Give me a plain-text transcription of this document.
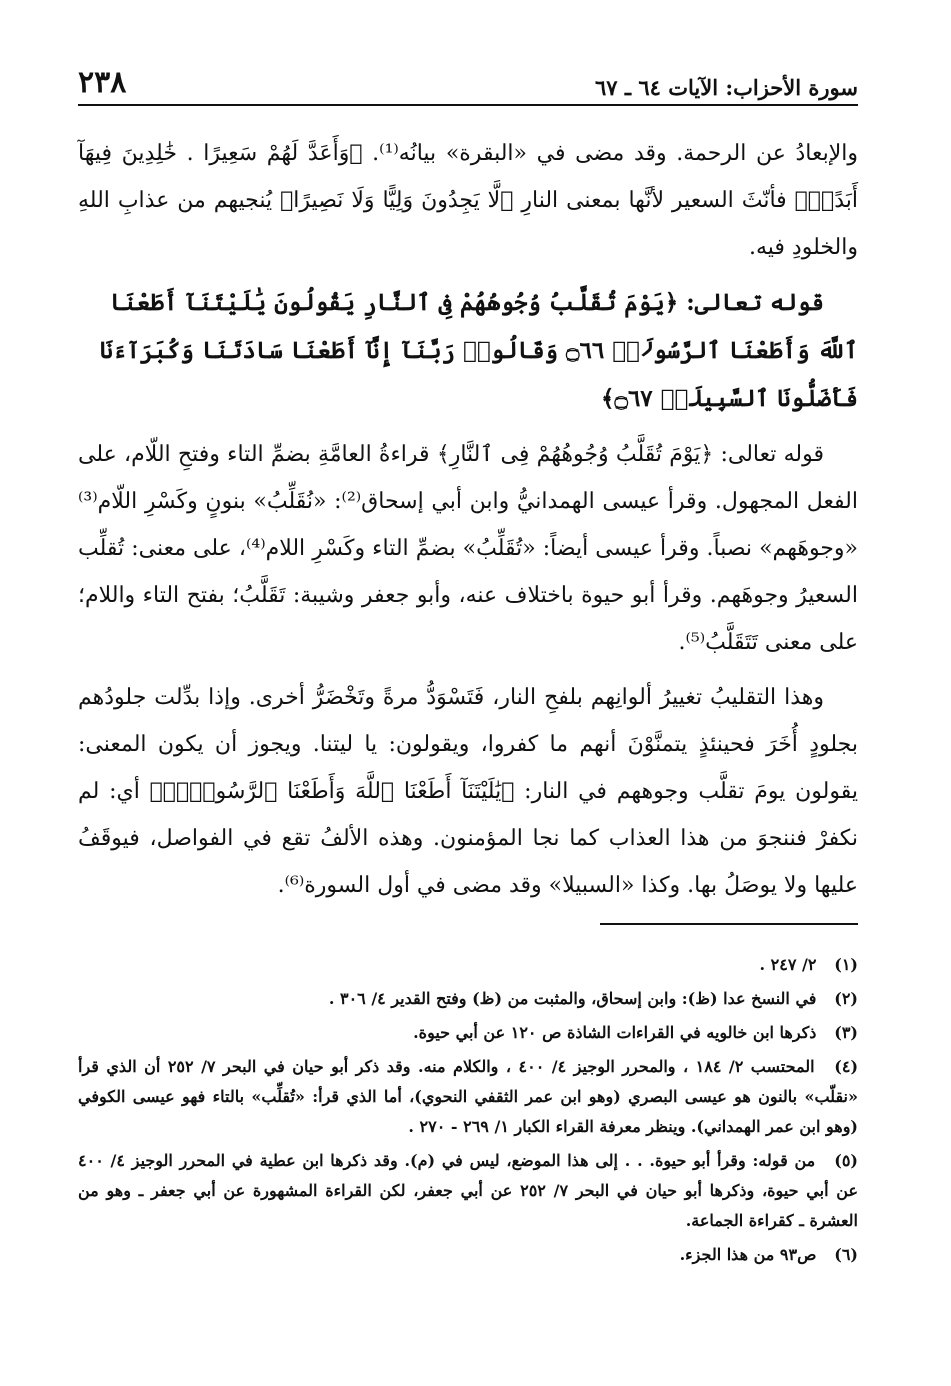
سورة الأحزاب: الآيات ٦٤ ـ ٦٧
٢٣٨

والإبعادُ عن الرحمة. وقد مضى في «البقرة» بيانُه⁽¹⁾. ﴿وَأَعَدَّ لَهُمْ سَعِيرًا . خَٰلِدِينَ فِيهَآ أَبَدًاۖ﴾ فأنّثَ السعير لأنَّها بمعنى النارِ ﴿لَّا يَجِدُونَ وَلِيًّا وَلَا نَصِيرًا﴾ يُنجيهم من عذابِ اللهِ والخلودِ فيه.

قوله تعالى: ﴿يَوْمَ تُقَلَّبُ وُجُوهُهُمْ فِى ٱلنَّارِ يَقُولُونَ يَٰلَيْتَنَآ أَطَعْنَا ٱللَّهَ وَأَطَعْنَا ٱلرَّسُولَا۠ ۝٦٦ وَقَالُوا۟ رَبَّنَآ إِنَّآ أَطَعْنَا سَادَتَنَا وَكُبَرَآءَنَا فَأَضَلُّونَا ٱلسَّبِيلَا۠ ۝٦٧﴾

قوله تعالى: ﴿يَوْمَ تُقَلَّبُ وُجُوهُهُمْ فِى ٱلنَّارِ﴾ قراءةُ العامَّةِ بضمِّ التاء وفتحِ اللّام، على الفعل المجهول. وقرأ عيسى الهمدانيُّ وابن أبي إسحاق⁽²⁾: «نُقَلِّبُ» بنونٍ وكَسْرِ اللّام⁽³⁾ «وجوهَهم» نصباً. وقرأ عيسى أيضاً: «تُقَلِّبُ» بضمِّ التاء وكَسْرِ اللام⁽⁴⁾، على معنى: تُقلِّب السعيرُ وجوهَهم. وقرأ أبو حيوة باختلاف عنه، وأبو جعفر وشيبة: تَقَلَّبُ؛ بفتح التاء واللام؛ على معنى تَتَقَلَّبُ⁽⁵⁾.

وهذا التقليبُ تغييرُ ألوانِهم بلفحِ النار، فَتَسْوَدُّ مرةً وتَخْضَرُّ أخرى. وإذا بدِّلت جلودُهم بجلودٍ أُخَرَ فحينئذٍ يتمنَّوْنَ أنهم ما كفروا، ويقولون: يا ليتنا. ويجوز أن يكون المعنى: يقولون يومَ تقلَّب وجوههم في النار: ﴿يَٰلَيْتَنَآ أَطَعْنَا ٱللَّهَ وَأَطَعْنَا ٱلرَّسُولَا۠﴾ أي: لم نكفرْ فننجوَ من هذا العذاب كما نجا المؤمنون. وهذه الألفُ تقع في الفواصل، فيوقَفُ عليها ولا يوصَلُ بها. وكذا «السبيلا» وقد مضى في أول السورة⁽⁶⁾.

(١) ٢/ ٢٤٧ .

(٢) في النسخ عدا (ظ): وابن إسحاق، والمثبت من (ظ) وفتح القدير ٤/ ٣٠٦ .

(٣) ذكرها ابن خالويه في القراءات الشاذة ص ١٢٠ عن أبي حيوة.

(٤) المحتسب ٢/ ١٨٤ ، والمحرر الوجيز ٤/ ٤٠٠ ، والكلام منه. وقد ذكر أبو حيان في البحر ٧/ ٢٥٢ أن الذي قرأ «نقلّب» بالنون هو عيسى البصري (وهو ابن عمر الثقفي النحوي)، أما الذي قرأ: «تُقلِّب» بالتاء فهو عيسى الكوفي (وهو ابن عمر الهمداني). وينظر معرفة القراء الكبار ١/ ٢٦٩ - ٢٧٠ .

(٥) من قوله: وقرأ أبو حيوة. . . إلى هذا الموضع، ليس في (م). وقد ذكرها ابن عطية في المحرر الوجيز ٤/ ٤٠٠ عن أبي حيوة، وذكرها أبو حيان في البحر ٧/ ٢٥٢ عن أبي جعفر، لكن القراءة المشهورة عن أبي جعفر ـ وهو من العشرة ـ كقراءة الجماعة.

(٦) ص٩٣ من هذا الجزء.
